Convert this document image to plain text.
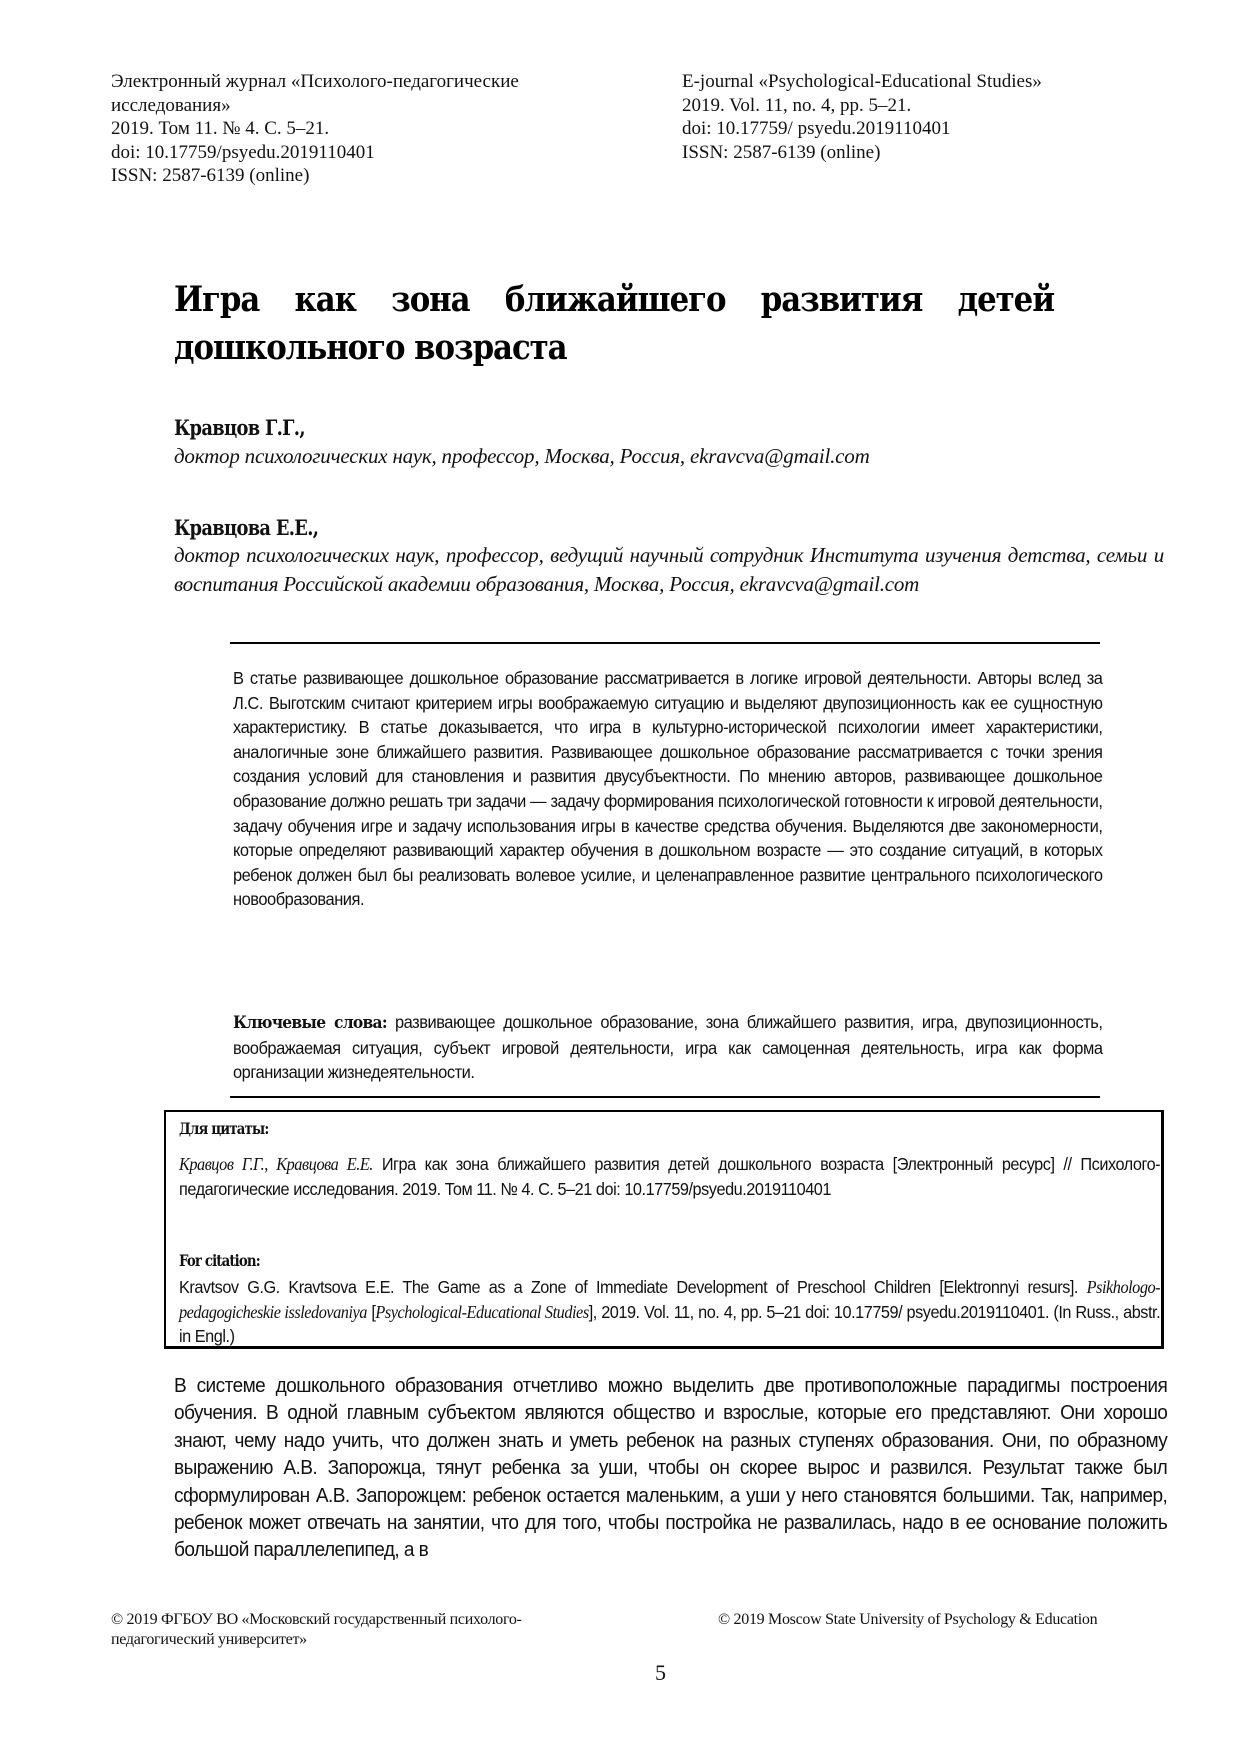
Электронный журнал «Психолого-педагогические
исследования»
2019. Том 11. № 4. С. 5–21.
doi: 10.17759/psyedu.2019110401
ISSN: 2587-6139 (online)
E-journal «Psychological-Educational Studies»
2019. Vol. 11, no. 4, pp. 5–21.
doi: 10.17759/ psyedu.2019110401
ISSN: 2587-6139 (online)
Игра как зона ближайшего развития детей
дошкольного возраста
Кравцов Г.Г.,
доктор психологических наук, профессор, Москва, Россия, ekravcva@gmail.com
Кравцова Е.Е.,
доктор психологических наук, профессор, ведущий научный сотрудник Института изучения детства, семьи и воспитания Российской академии образования, Москва, Россия, ekravcva@gmail.com
В статье развивающее дошкольное образование рассматривается в логике игровой деятельности. Авторы вслед за Л.С. Выготским считают критерием игры воображаемую ситуацию и выделяют двупозиционность как ее сущностную характеристику. В статье доказывается, что игра в культурно-исторической психологии имеет характеристики, аналогичные зоне ближайшего развития. Развивающее дошкольное образование рассматривается с точки зрения создания условий для становления и развития двусубъектности. По мнению авторов, развивающее дошкольное образование должно решать три задачи — задачу формирования психологической готовности к игровой деятельности, задачу обучения игре и задачу использования игры в качестве средства обучения. Выделяются две закономерности, которые определяют развивающий характер обучения в дошкольном возрасте — это создание ситуаций, в которых ребенок должен был бы реализовать волевое усилие, и целенаправленное развитие центрального психологического новообразования.
Ключевые слова: развивающее дошкольное образование, зона ближайшего развития, игра, двупозиционность, воображаемая ситуация, субъект игровой деятельности, игра как самоценная деятельность, игра как форма организации жизнедеятельности.
Для цитаты:
Кравцов Г.Г., Кравцова Е.Е. Игра как зона ближайшего развития детей дошкольного возраста [Электронный ресурс] // Психолого-педагогические исследования. 2019. Том 11. № 4. С. 5–21 doi: 10.17759/psyedu.2019110401
For citation:
Kravtsov G.G. Kravtsova E.E. The Game as a Zone of Immediate Development of Preschool Children [Elektronnyi resurs]. Psikhologo-pedagogicheskie issledovaniya [Psychological-Educational Studies], 2019. Vol. 11, no. 4, pp. 5–21 doi: 10.17759/ psyedu.2019110401. (In Russ., abstr. in Engl.)
В системе дошкольного образования отчетливо можно выделить две противоположные парадигмы построения обучения. В одной главным субъектом являются общество и взрослые, которые его представляют. Они хорошо знают, чему надо учить, что должен знать и уметь ребенок на разных ступенях образования. Они, по образному выражению А.В. Запорожца, тянут ребенка за уши, чтобы он скорее вырос и развился. Результат также был сформулирован А.В. Запорожцем: ребенок остается маленьким, а уши у него становятся большими. Так, например, ребенок может отвечать на занятии, что для того, чтобы постройка не развалилась, надо в ее основание положить большой параллелепипед, а в
© 2019 ФГБОУ ВО «Московский государственный психолого-
педагогический университет»
© 2019 Moscow State University of Psychology & Education
5
